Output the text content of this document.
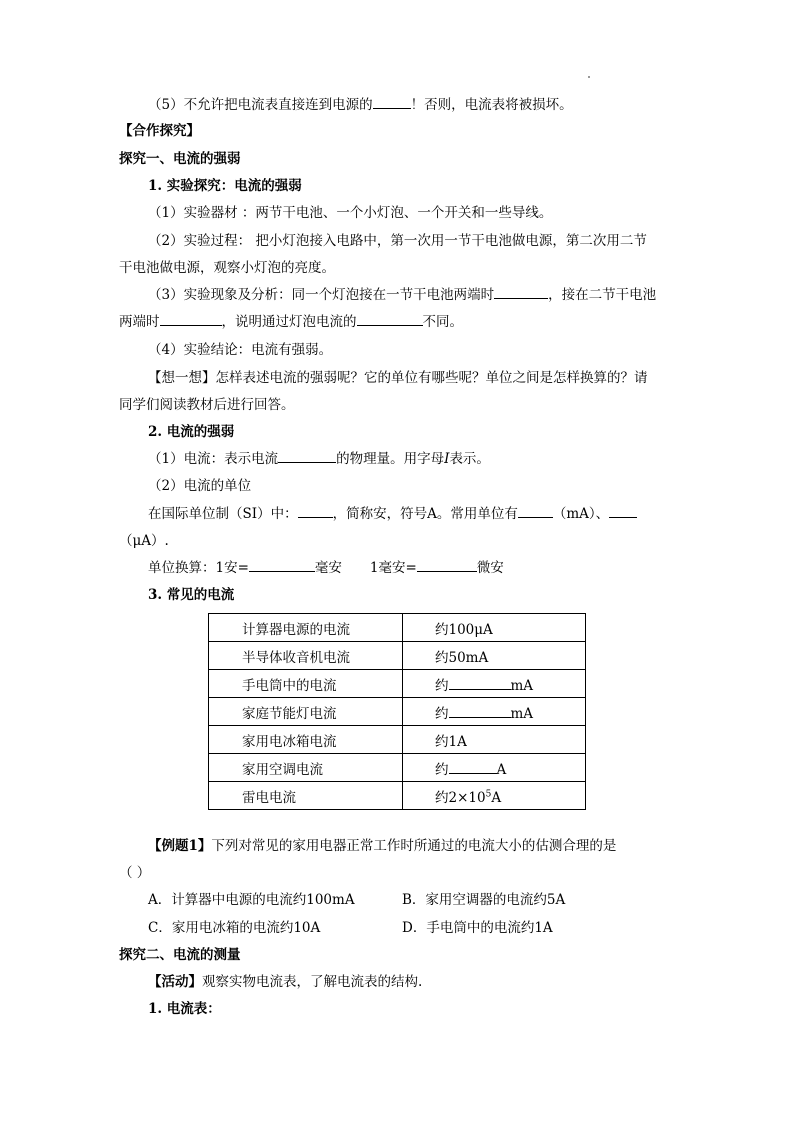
（5）不允许把电流表直接连到电源的	！否则，电流表将被损坏。
【合作探究】
探究一、电流的强弱
1. 实验探究：电流的强弱
（1）实验器材 ：两节干电池、一个小灯泡、一个开关和一些导线。
（2）实验过程： 把小灯泡接入电路中，第一次用一节干电池做电源，第二次用二节
干电池做电源，观察小灯泡的亮度。
（3）实验现象及分析：同一个灯泡接在一节干电池两端时	，接在二节干电池
两端时	，说明通过灯泡电流的	不同。
（4）实验结论：电流有强弱。
【想一想】怎样表述电流的强弱呢？它的单位有哪些呢？单位之间是怎样换算的？请
同学们阅读教材后进行回答。
2. 电流的强弱
（1）电流：表示电流	的物理量。用字母I表示。
（2）电流的单位
在国际单位制（SI）中：	，简称安，符号A。常用单位有	（mA）、
（μA）.
单位换算：1安=	毫安 1毫安=	微安
3. 常见的电流
计算器电源的电流	约100μA
半导体收音机电流	约50mA
手电筒中的电流	约 mA
家庭节能灯电流	约 mA
家用电冰箱电流	约1A
家用空调电流	约 A
雷电电流	约$2\times 10^5A$
【例题1】下列对常见的家用电器正常工作时所通过的电流大小的估测合理的是
（ ）
A．计算器中电源的电流约100mA	B．家用空调器的电流约5A
C．家用电冰箱的电流约10A	D．手电筒中的电流约1A
探究二、电流的测量
【活动】观察实物电流表，了解电流表的结构.
1. 电流表：
